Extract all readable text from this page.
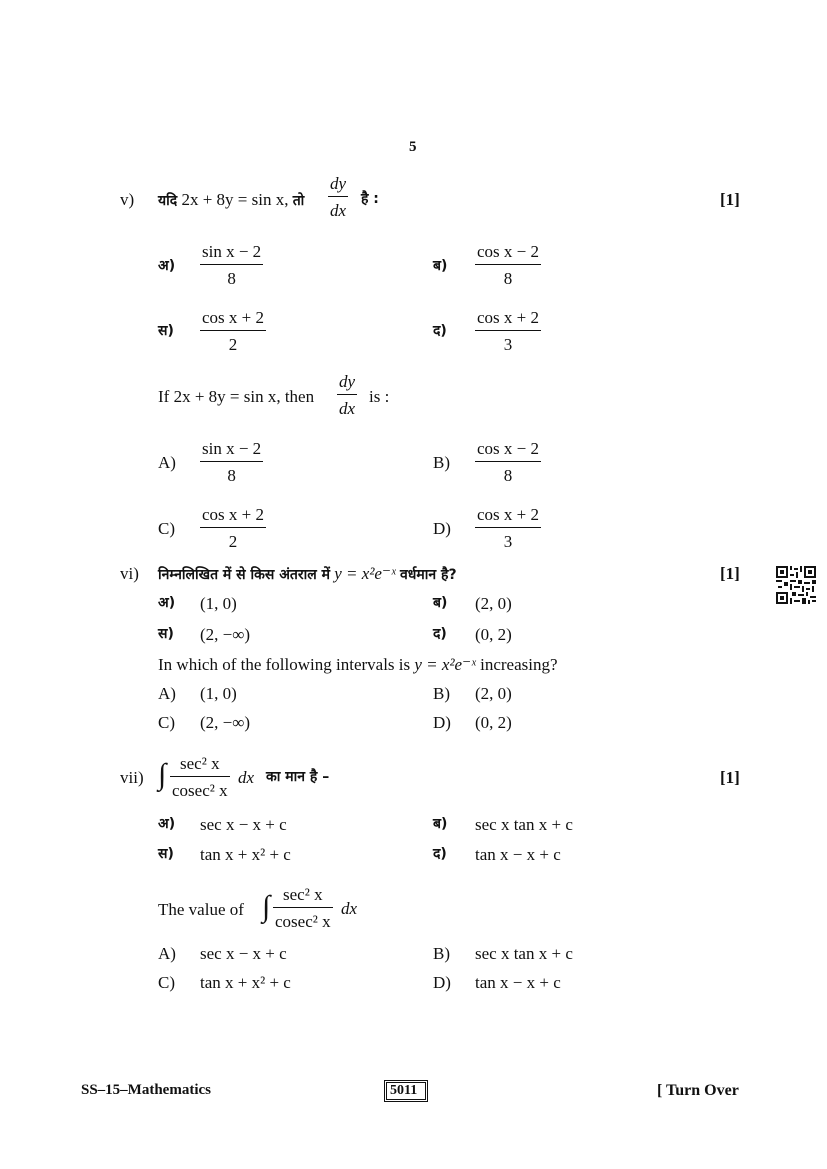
5
v) यदि 2x + 8y = sin x, तो $\frac{dy}{dx}$ है :	[1]
अ) $\frac{\text{sin x − 2}}{8}$	ब) $\frac{\text{cos x − 2}}{8}$
स) $\frac{\text{cos x + 2}}{2}$	द) $\frac{\text{cos x + 2}}{3}$
If 2x + 8y = sin x, then $\frac{dy}{dx}$ is :
$A) \frac{\text{sin x − 2}}{8}$	$B) \frac{\text{cos x − 2}}{8}$
$C) \frac{\text{cos x + 2}}{2}$	$D) \frac{\text{cos x + 2}}{3}$
vi) निम्नलिखित में से किस अंतराल में y = x²e⁻ˣ वर्धमान है?	[1]
अ) (1, 0)	ब) (2, 0)
स) (2, −∞)	द) (0, 2)
In which of the following intervals is y = x²e⁻ˣ increasing?
A) (1, 0)	B) (2, 0)
C) (2, −∞)	D) (0, 2)
vii) ∫ sec² x
cosec² x
dx का मान है –	[1]
अ) sec x − x + c	ब) sec x tan x + c
स) tan x + x² + c	द) tan x − x + c
The value of ∫ sec² x
cosec² x
dx
A) sec x − x + c	B) sec x tan x + c
C) tan x + x² + c	D) tan x − x + c
SS–15–Mathematics	5011	[ Turn Over
